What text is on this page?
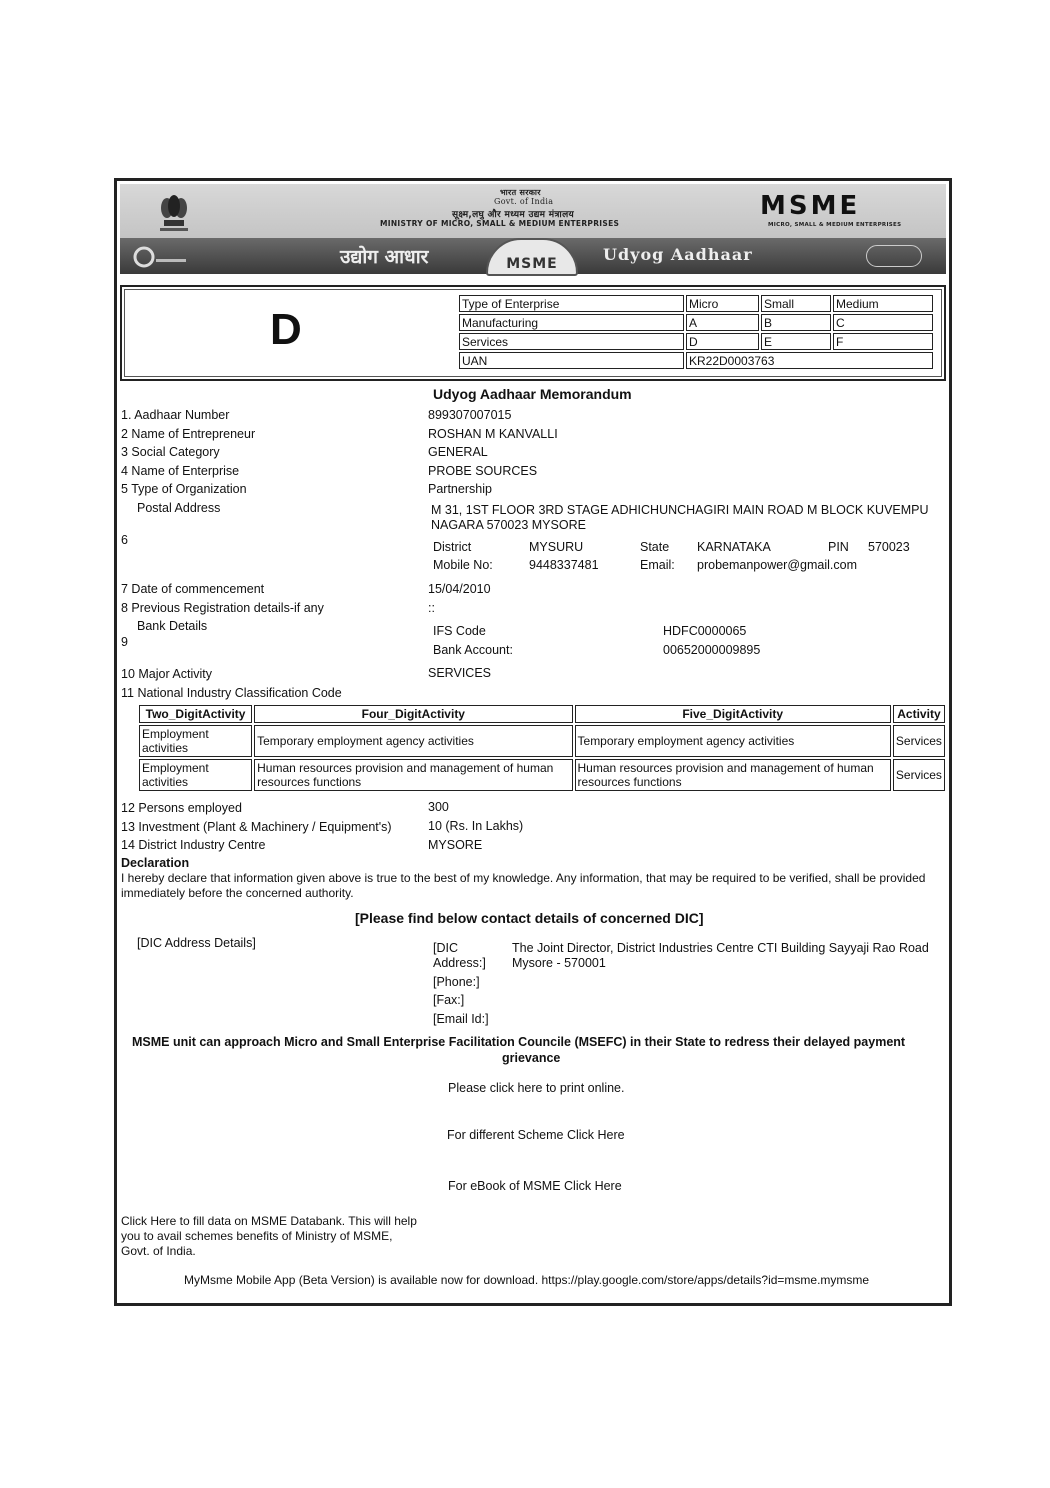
भारत सरकार
Govt. of India
सूक्ष्म,लघु और मध्यम उद्यम मंत्रालय
MINISTRY OF MICRO, SMALL & MEDIUM ENTERPRISES
MSME
MICRO, SMALL & MEDIUM ENTERPRISES
उद्योग आधार	MSME	Udyog Aadhaar
D
Type of Enterprise	Micro	Small	Medium
Manufacturing	A	B	C
Services	D	E	F
UAN	KR22D0003763		
Udyog Aadhaar Memorandum
1. Aadhaar Number	899307007015
2 Name of Entrepreneur	ROSHAN M KANVALLI
3 Social Category	GENERAL
4 Name of Enterprise	PROBE SOURCES
5 Type of Organization	Partnership
Postal Address	M 31, 1ST FLOOR 3RD STAGE ADHICHUNCHAGIRI MAIN ROAD M BLOCK KUVEMPU
NAGARA 570023 MYSORE
6	District	MYSURU	State KARNATAKA	PIN 570023
Mobile No:	9448337481	Email: probemanpower@gmail.com
7 Date of commencement	15/04/2010
8 Previous Registration details-if any	::
Bank Details
9
IFS Code	HDFC0000065
Bank Account:	00652000009895
10 Major Activity	SERVICES
11 National Industry Classification Code
Two_DigitActivity	Four_DigitActivity	Five_DigitActivity	Activity
Employment activities	Temporary employment agency activities	Temporary employment agency activities	Services
Employment activities	Human resources provision and management of human resources functions	Human resources provision and management of human resources functions	Services
12 Persons employed	300
13 Investment (Plant & Machinery / Equipment's)	10 (Rs. In Lakhs)
14 District Industry Centre	MYSORE
Declaration
I hereby declare that information given above is true to the best of my knowledge. Any information, that may be required to be verified, shall be provided
immediately before the concerned authority.
[Please find below contact details of concerned DIC]
[DIC Address Details]	[DIC
Address:]
The Joint Director, District Industries Centre CTI Building Sayyaji Rao Road
Mysore - 570001
[Phone:]
[Fax:]
[Email Id:]
MSME unit can approach Micro and Small Enterprise Facilitation Councile (MSEFC) in their State to redress their delayed payment
grievance
Please click here to print online.
For different Scheme Click Here
For eBook of MSME Click Here
Click Here to fill data on MSME Databank. This will help
you to avail schemes benefits of Ministry of MSME,
Govt. of India.
MyMsme Mobile App (Beta Version) is available now for download. https://play.google.com/store/apps/details?id=msme.mymsme
